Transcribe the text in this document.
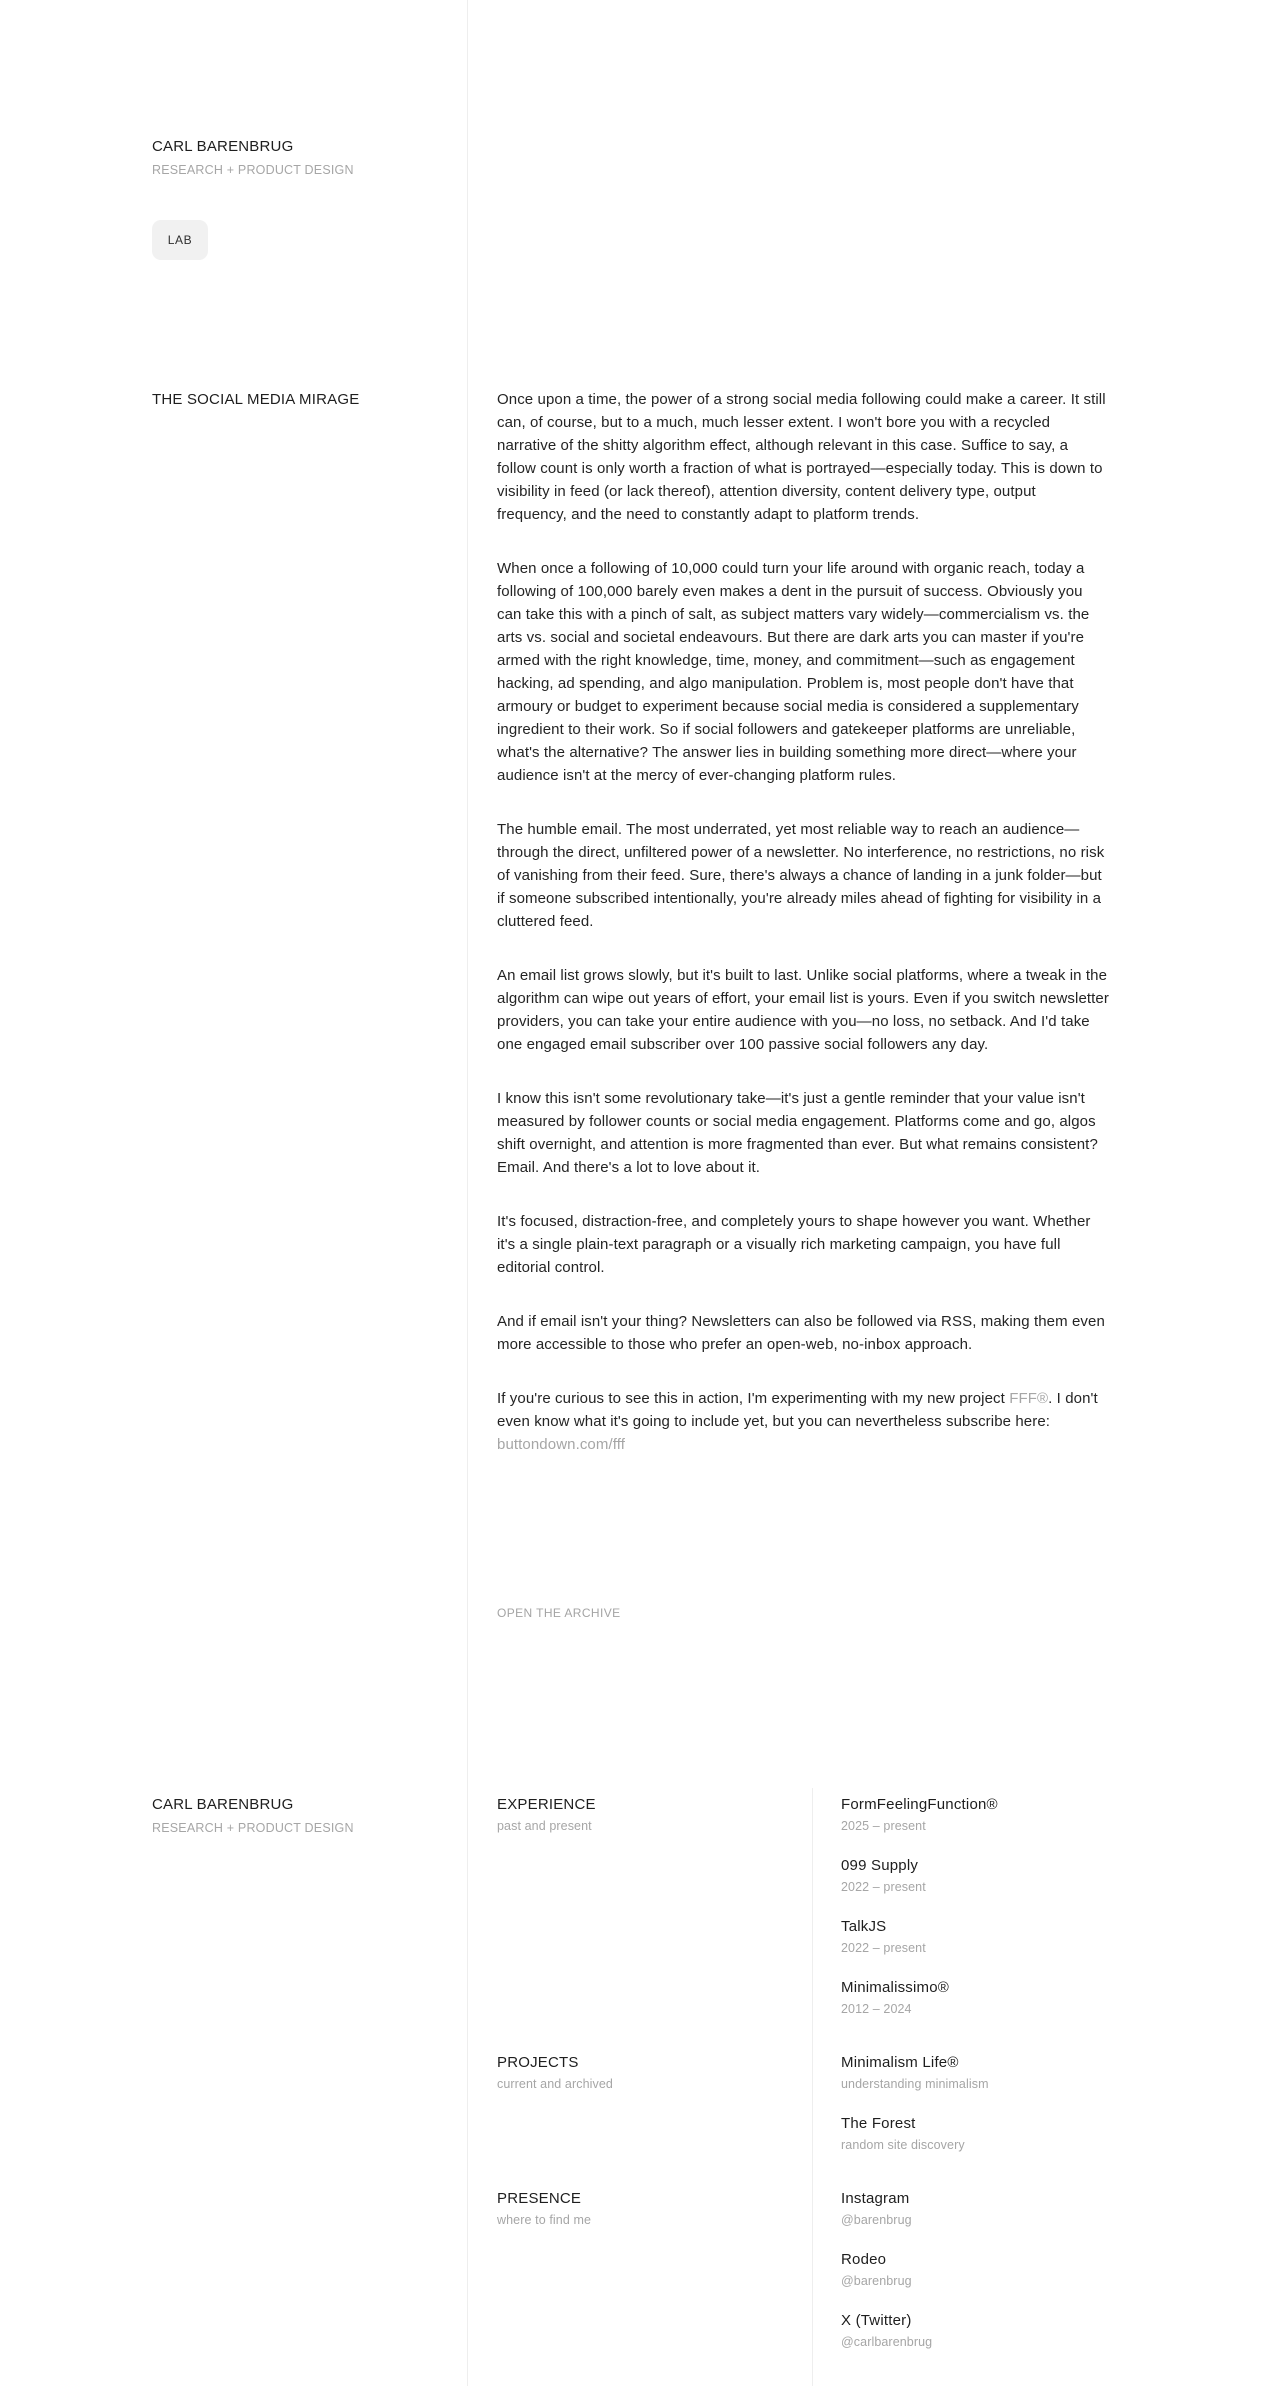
CARL BARENBRUG
RESEARCH + PRODUCT DESIGN

LAB
THE SOCIAL MEDIA MIRAGE	Once upon a time, the power of a strong social media following could make a career. It still can, of course, but to a much, much lesser extent. I won't bore you with a recycled narrative of the shitty algorithm effect, although relevant in this case. Suffice to say, a follow count is only worth a fraction of what is portrayed—especially today. This is down to visibility in feed (or lack thereof), attention diversity, content delivery type, output frequency, and the need to constantly adapt to platform trends.

When once a following of 10,000 could turn your life around with organic reach, today a following of 100,000 barely even makes a dent in the pursuit of success. Obviously you can take this with a pinch of salt, as subject matters vary widely—commercialism vs. the arts vs. social and societal endeavours. But there are dark arts you can master if you're armed with the right knowledge, time, money, and commitment—such as engagement hacking, ad spending, and algo manipulation. Problem is, most people don't have that armoury or budget to experiment because social media is considered a supplementary ingredient to their work. So if social followers and gatekeeper platforms are unreliable, what's the alternative? The answer lies in building something more direct—where your audience isn't at the mercy of ever-changing platform rules.

The humble email. The most underrated, yet most reliable way to reach an audience—through the direct, unfiltered power of a newsletter. No interference, no restrictions, no risk of vanishing from their feed. Sure, there's always a chance of landing in a junk folder—but if someone subscribed intentionally, you're already miles ahead of fighting for visibility in a cluttered feed.

An email list grows slowly, but it's built to last. Unlike social platforms, where a tweak in the algorithm can wipe out years of effort, your email list is yours. Even if you switch newsletter providers, you can take your entire audience with you—no loss, no setback. And I'd take one engaged email subscriber over 100 passive social followers any day.

I know this isn't some revolutionary take—it's just a gentle reminder that your value isn't measured by follower counts or social media engagement. Platforms come and go, algos shift overnight, and attention is more fragmented than ever. But what remains consistent? Email. And there's a lot to love about it.

It's focused, distraction-free, and completely yours to shape however you want. Whether it's a single plain-text paragraph or a visually rich marketing campaign, you have full editorial control.

And if email isn't your thing? Newsletters can also be followed via RSS, making them even more accessible to those who prefer an open-web, no-inbox approach.

If you're curious to see this in action, I'm experimenting with my new project FFF®. I don't even know what it's going to include yet, but you can nevertheless subscribe here: buttondown.com/fff

OPEN THE ARCHIVE
CARL BARENBRUG
RESEARCH + PRODUCT DESIGN
EXPERIENCE
past and present
FormFeelingFunction®
2025 – present
099 Supply
2022 – present
TalkJS
2022 – present
Minimalissimo®
2012 – 2024
PROJECTS
current and archived
Minimalism Life®
understanding minimalism
The Forest
random site discovery
PRESENCE
where to find me
Instagram
@barenbrug
Rodeo
@barenbrug
X (Twitter)
@carlbarenbrug
